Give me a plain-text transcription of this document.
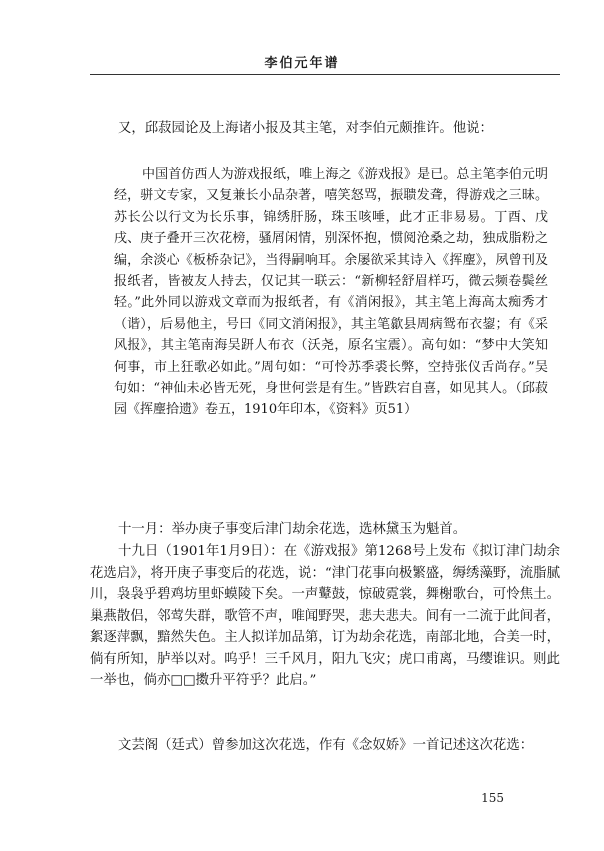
李伯元年谱

又，邱菽园论及上海诸小报及其主笔，对李伯元颇推许。他说：

中国首仿西人为游戏报纸，唯上海之《游戏报》是已。总主笔李伯元明经，骈文专家，又复兼长小品杂著，嘻笑怒骂，振聩发聋，得游戏之三昧。苏长公以行文为长乐事，锦绣肝肠，珠玉咳唾，此才正非易易。丁酉、戊戌、庚子叠开三次花榜，骚屑闲情，别深怀抱，惯阅沧桑之劫，独成脂粉之编，余淡心《板桥杂记》，当得嗣响耳。余屡欲采其诗入《挥麈》，夙曾刊及报纸者，皆被友人持去，仅记其一联云：“新柳轻舒眉样巧，微云频卷鬓丝轻。”此外同以游戏文章而为报纸者，有《消闲报》，其主笔上海高太痴秀才（谐），后易他主，号曰《同文消闲报》，其主笔歙县周病鸳布衣鋆；有《采风报》，其主笔南海吴趼人布衣（沃尧，原名宝震）。高句如：“梦中大笑知何事，市上狂歌必如此。”周句如：“可怜苏季裘长弊，空持张仪舌尚存。”吴句如：“神仙未必皆无死，身世何尝是有生。”皆跌宕自喜，如见其人。（邱菽园《挥麈拾遗》卷五，1910年印本，《资料》页51）

十一月：举办庚子事变后津门劫余花选，选林黛玉为魁首。

十九日（1901年1月9日）：在《游戏报》第1268号上发布《拟订津门劫余花选启》，将开庚子事变后的花选，说：“津门花事向极繁盛，缛绣藻野，流脂腻川，袅袅乎碧鸡坊里虾蟆陵下矣。一声鼙鼓，惊破霓裳，舞榭歌台，可怜焦土。巢燕散侣，邻莺失群，歌管不声，唯闻野哭，悲夫悲夫。间有一二流于此间者，絮逐萍飘，黯然失色。主人拟详加品第，订为劫余花选，南部北地，合美一时，倘有所知，胪举以对。呜乎！三千风月，阳九飞灾；虎口甫离，马缨谁识。则此一举也，倘亦□□擞升平符乎？此启。”

文芸阁（廷式）曾参加这次花选，作有《念奴娇》一首记述这次花选：

155
